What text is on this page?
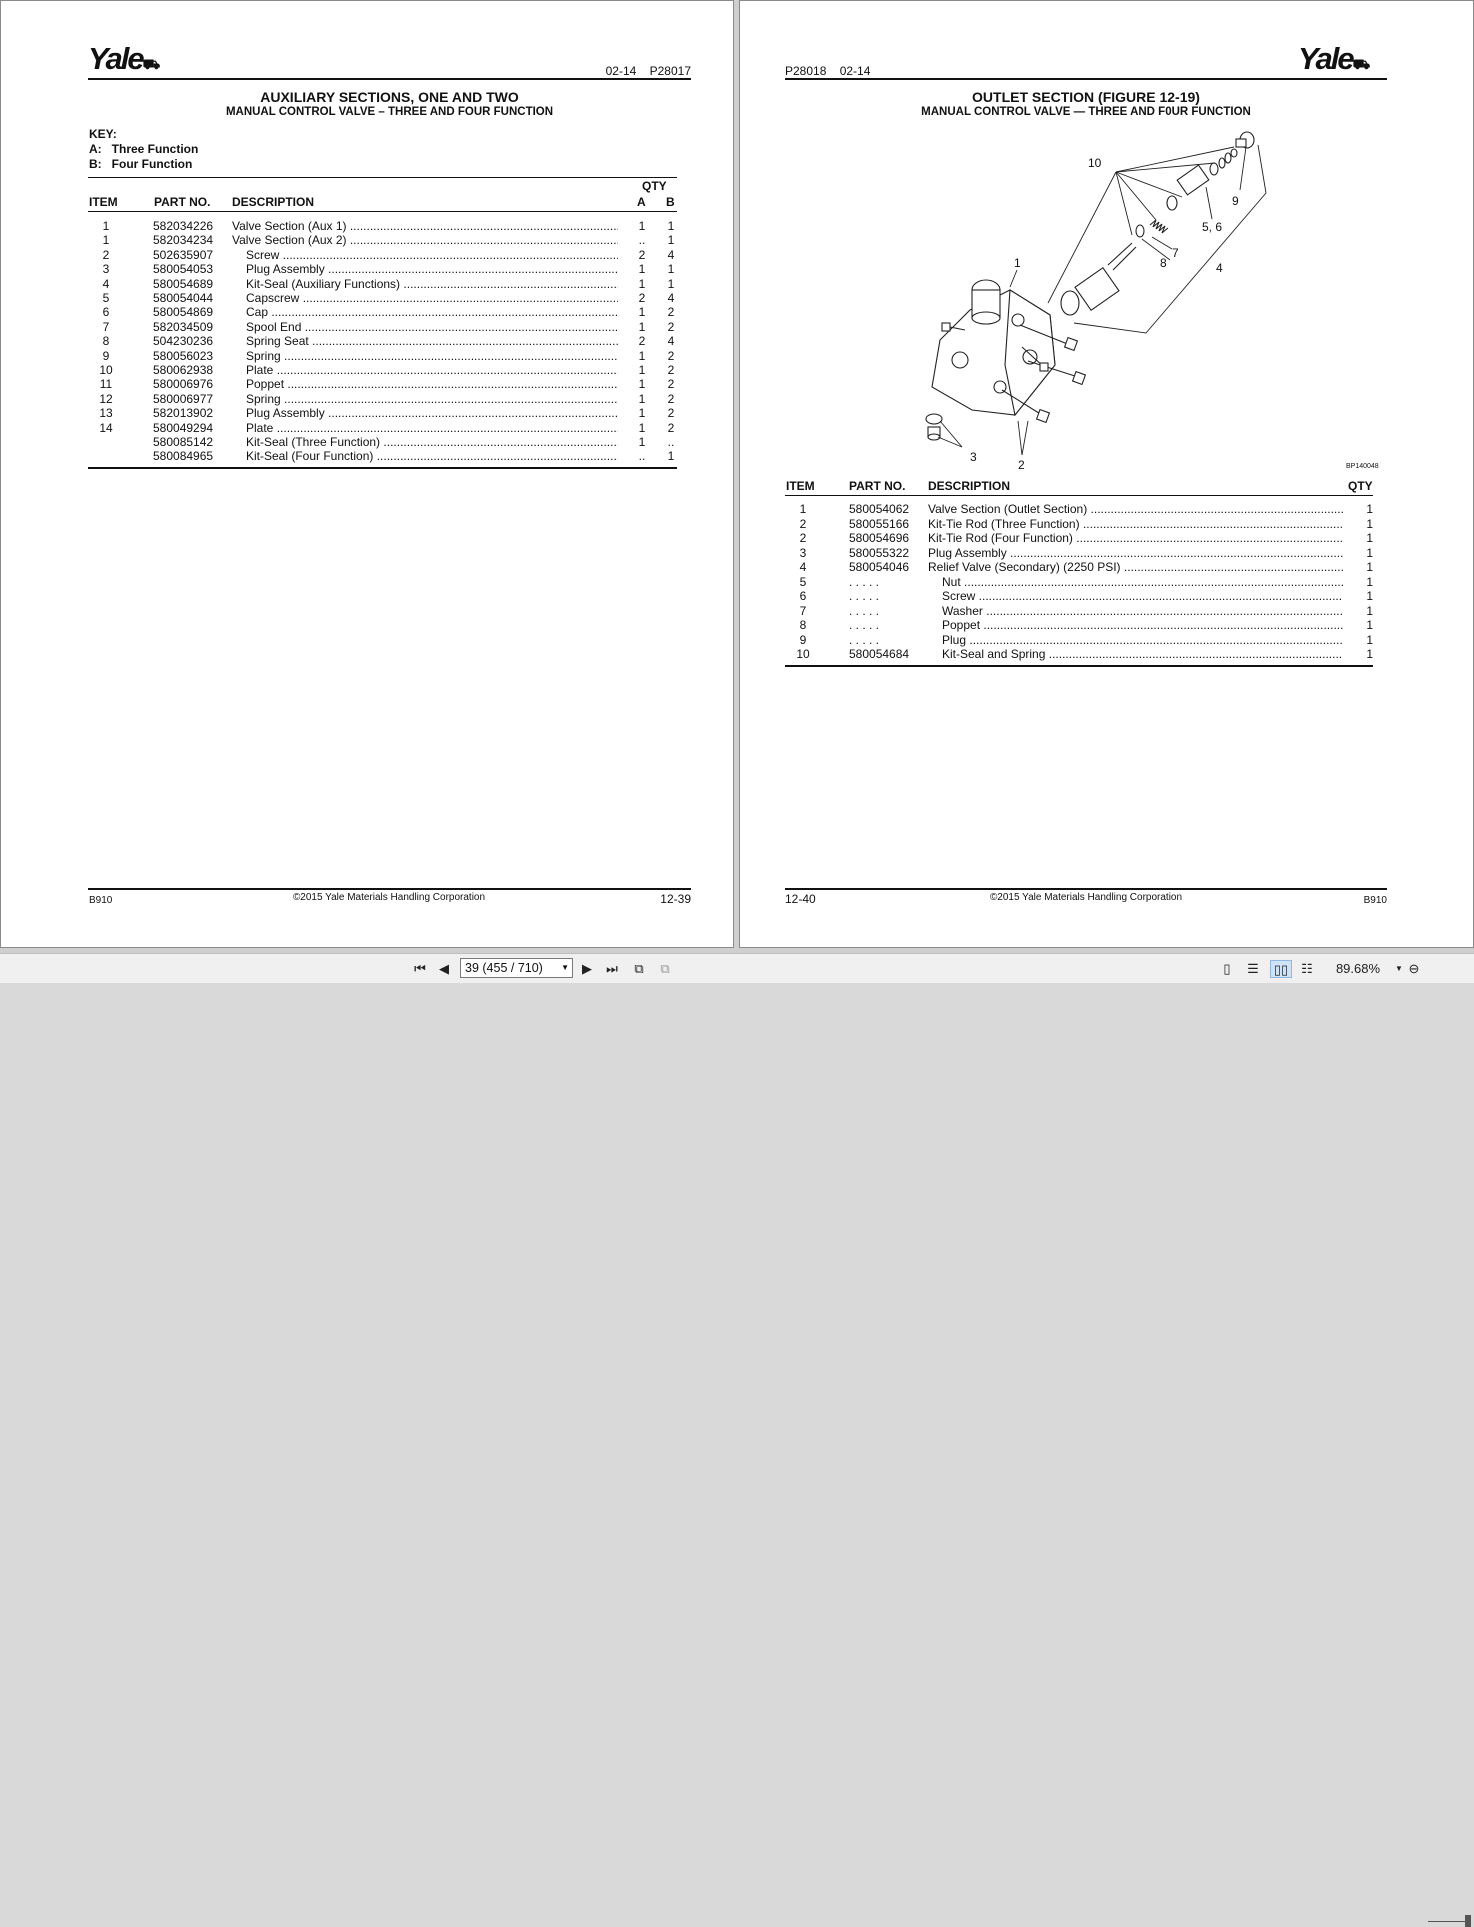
Yale⛟	02-14    P28017
AUXILIARY SECTIONS, ONE AND TWO
MANUAL CONTROL VALVE – THREE AND FOUR FUNCTION
KEY:
A:   Three Function
B:   Four Function
QTY
ITEM	PART NO. DESCRIPTION	A B
B910	©2015 Yale Materials Handling Corporation	12-39
1	582034226 Valve Section (Aux 1) .....	1	1
1	582034234 Valve Section (Aux 2) .....	..	1
2	502635907	Screw .....	2	4
3	580054053	Plug Assembly .....	1	1
4	580054689	Kit-Seal (Auxiliary Functions) .....	1	1
5	580054044	Capscrew .....	2	4
6	580054869	Cap .....	1	2
7	582034509	Spool End .....	1	2
8	504230236	Spring Seat .....	2	4
9	580056023	Spring .....	1	2
10	580062938	Plate .....	1	2
11	580006976	Poppet .....	1	2
12	580006977	Spring .....	1	2
13	582013902	Plug Assembly .....	1	2
14	580049294	Plate .....	1	2
580085142	Kit-Seal (Three Function) .....	1	..
580084965	Kit-Seal (Four Function) .....	..	1
Yale⛟
P28018    02-14
OUTLET SECTION (FIGURE 12-19)
MANUAL CONTROL VALVE — THREE AND F0UR FUNCTION
10
9
5, 6
7
8	4
1
3
2	BP140048
ITEM	PART NO. DESCRIPTION	QTY
12-40	©2015 Yale Materials Handling Corporation	B910
1	580054062 Valve Section (Outlet Section) .....	1
2	580055166 Kit-Tie Rod (Three Function) .....	1
2	580054696 Kit-Tie Rod (Four Function) .....	1
3	580055322 Plug Assembly .....	1
4	580054046 Relief Valve (Secondary) (2250 PSI) .....	1
5	. . . . .	Nut .....	1
6	. . . . .	Screw .....	1
7	. . . . .	Washer .....	1
8	. . . . .	Poppet .....	1
9	. . . . .	Plug .....	1
10	580054684	Kit-Seal and Spring .....	1
⏮ ◀	39 (455 / 710) ▼ ▶ ⏭	⧉	⧉	▯ ☰ ▯▯ ☷	89.68%	▼ ⊖
